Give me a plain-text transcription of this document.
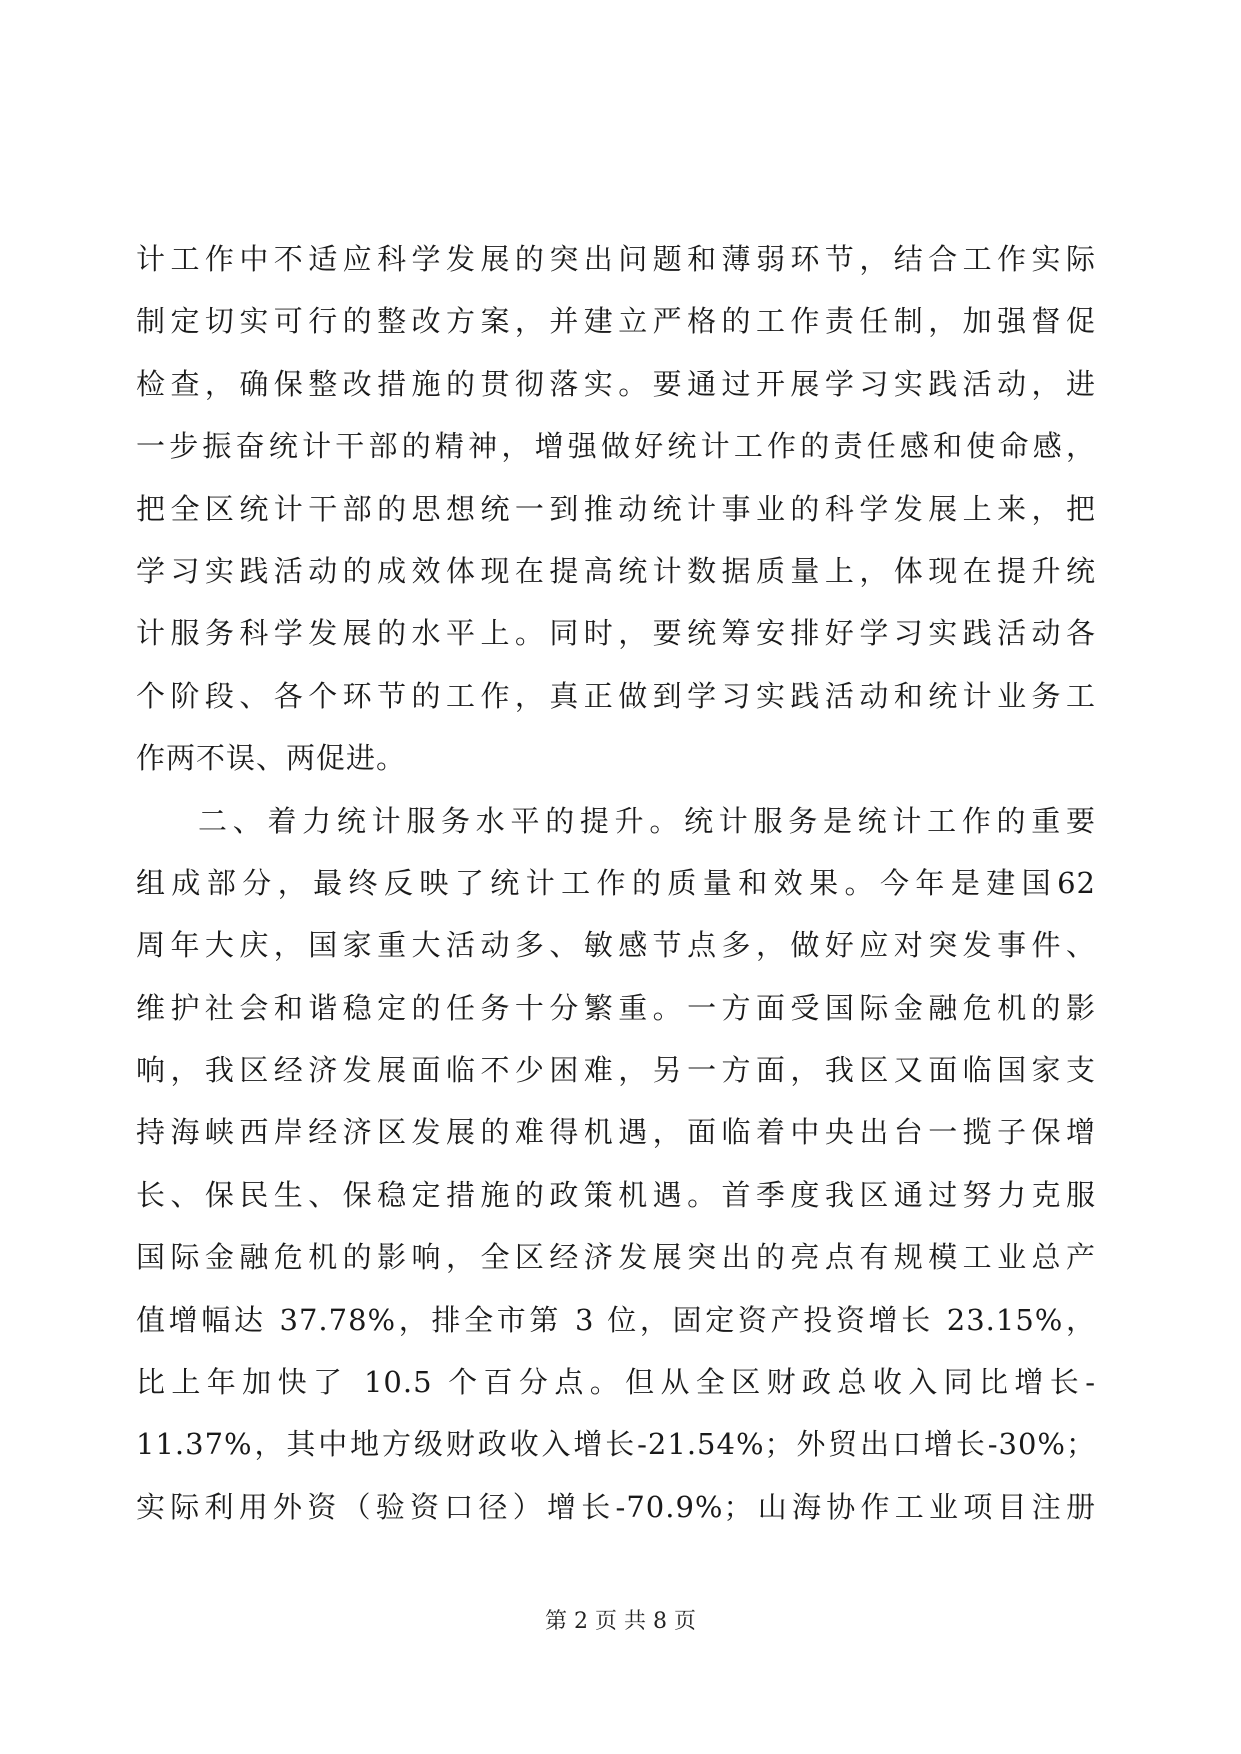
计工作中不适应科学发展的突出问题和薄弱环节，结合工作实际
制定切实可行的整改方案，并建立严格的工作责任制，加强督促
检查，确保整改措施的贯彻落实。要通过开展学习实践活动，进
一步振奋统计干部的精神，增强做好统计工作的责任感和使命感，
把全区统计干部的思想统一到推动统计事业的科学发展上来，把
学习实践活动的成效体现在提高统计数据质量上，体现在提升统
计服务科学发展的水平上。同时，要统筹安排好学习实践活动各
个阶段、各个环节的工作，真正做到学习实践活动和统计业务工
作两不误、两促进。
二、着力统计服务水平的提升。统计服务是统计工作的重要
组成部分，最终反映了统计工作的质量和效果。今年是建国62
周年大庆，国家重大活动多、敏感节点多，做好应对突发事件、
维护社会和谐稳定的任务十分繁重。一方面受国际金融危机的影
响，我区经济发展面临不少困难，另一方面，我区又面临国家支
持海峡西岸经济区发展的难得机遇，面临着中央出台一揽子保增
长、保民生、保稳定措施的政策机遇。首季度我区通过努力克服
国际金融危机的影响，全区经济发展突出的亮点有规模工业总产
值增幅达 37.78%，排全市第 3 位，固定资产投资增长 23.15%，
比上年加快了 10.5 个百分点。但从全区财政总收入同比增长-
11.37%，其中地方级财政收入增长-21.54%；外贸出口增长-30%；
实际利用外资（验资口径）增长-70.9%；山海协作工业项目注册
第 2 页 共 8 页
